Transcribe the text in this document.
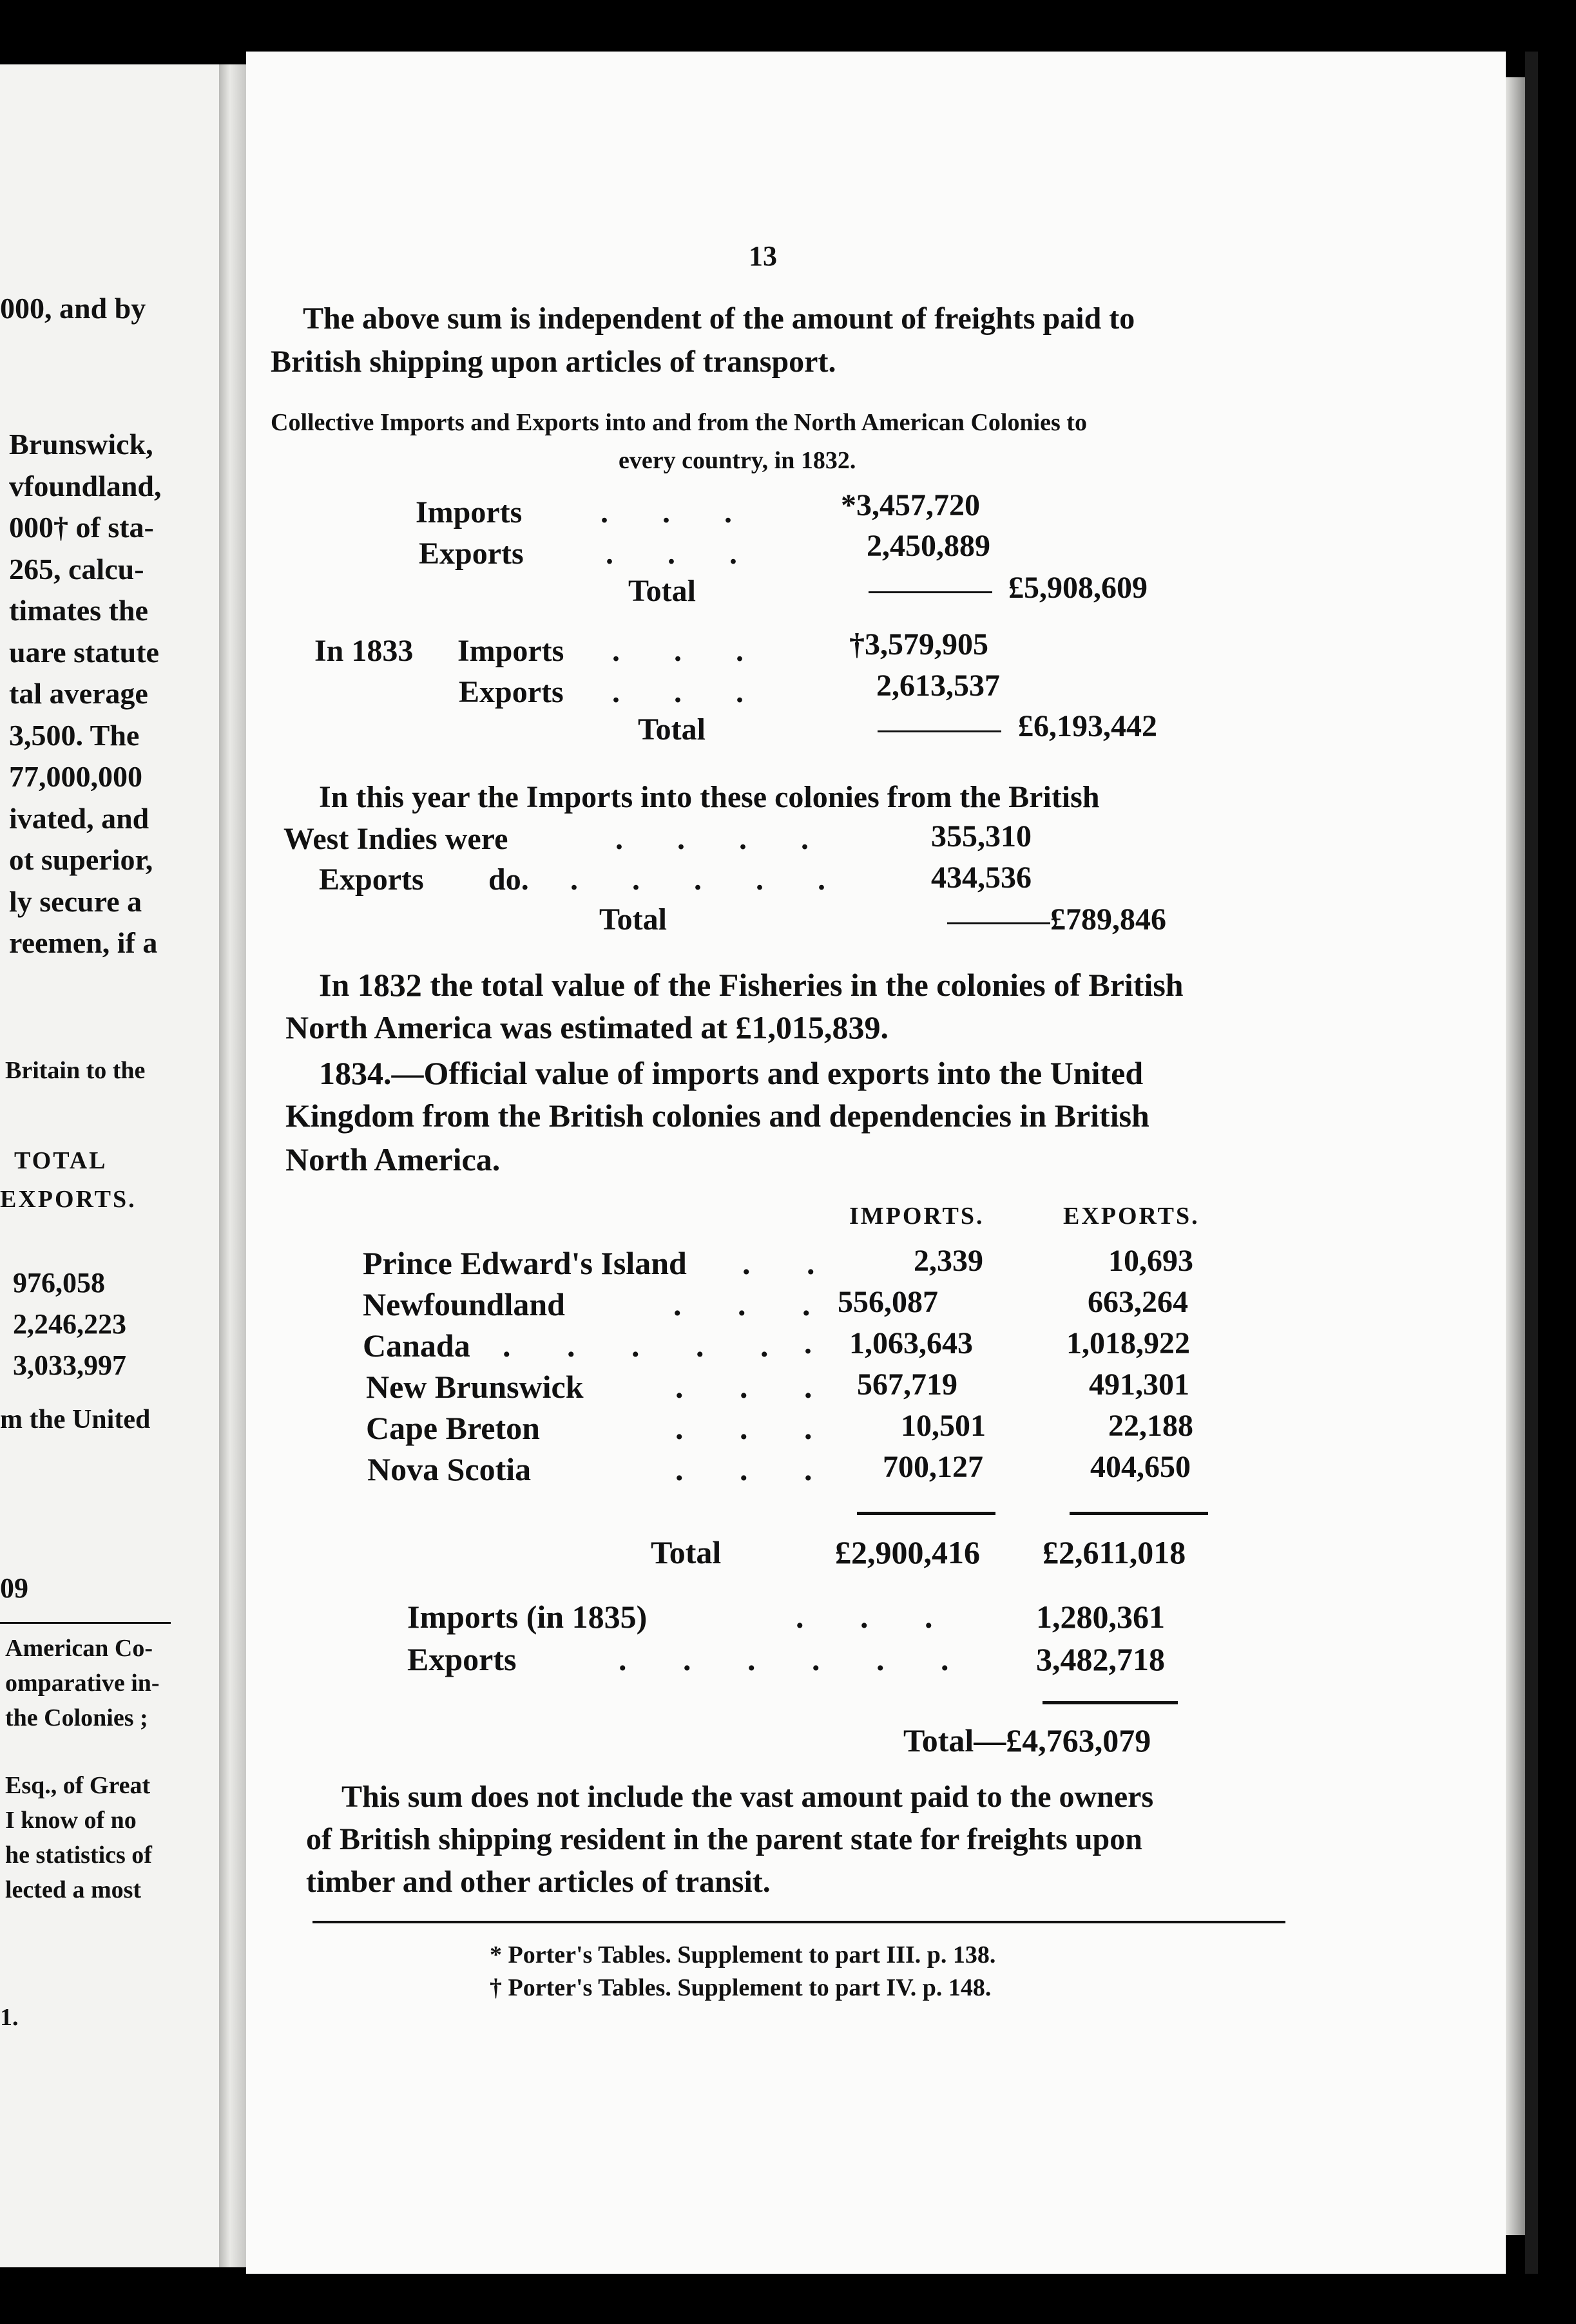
000, and by
Brunswick,
vfoundland,
000† of sta-
265, calcu-
timates the
uare statute
tal average
3,500. The
77,000,000
ivated, and
ot superior,
ly secure a
reemen, if a
Britain to the
TOTAL
EXPORTS.
976,058
2,246,223
3,033,997
m the United
09
American Co-
omparative in-
the Colonies ;
Esq., of Great
I know of no
he statistics of
lected a most
1.
13
The above sum is independent of the amount of freights paid to
British shipping upon articles of transport.
Collective Imports and Exports into and from the North American Colonies to
every country, in 1832.
Imports	.       .       .	*3,457,720
Exports	.       .       .	2,450,889
Total	£5,908,609
In 1833 Imports .       .       .	†3,579,905
Exports .       .       .	2,613,537
Total	£6,193,442
In this year the Imports into these colonies from the British
West Indies were	.       .       .       .	355,310
Exports do. .       .       .       .       .	434,536
Total	£789,846
In 1832 the total value of the Fisheries in the colonies of British
North America was estimated at £1,015,839.
1834.—Official value of imports and exports into the United
Kingdom from the British colonies and dependencies in British
North America.
IMPORTS.	EXPORTS.
Prince Edward's Island .       .	2,339	10,693
Newfoundland	.       .       . 556,087	663,264
Canada .       .       .       .       . . 1,063,643	1,018,922
New Brunswick	.       .       . 567,719	491,301
Cape Breton	.       .       .	10,501	22,188
Nova Scotia	.       .       . 700,127	404,650
Total	£2,900,416 £2,611,018
Imports (in 1835)	.       .       .	1,280,361
Exports	.       .       .       .       .       .	3,482,718
Total—£4,763,079
This sum does not include the vast amount paid to the owners
of British shipping resident in the parent state for freights upon
timber and other articles of transit.
* Porter's Tables. Supplement to part III. p. 138.
† Porter's Tables. Supplement to part IV. p. 148.
